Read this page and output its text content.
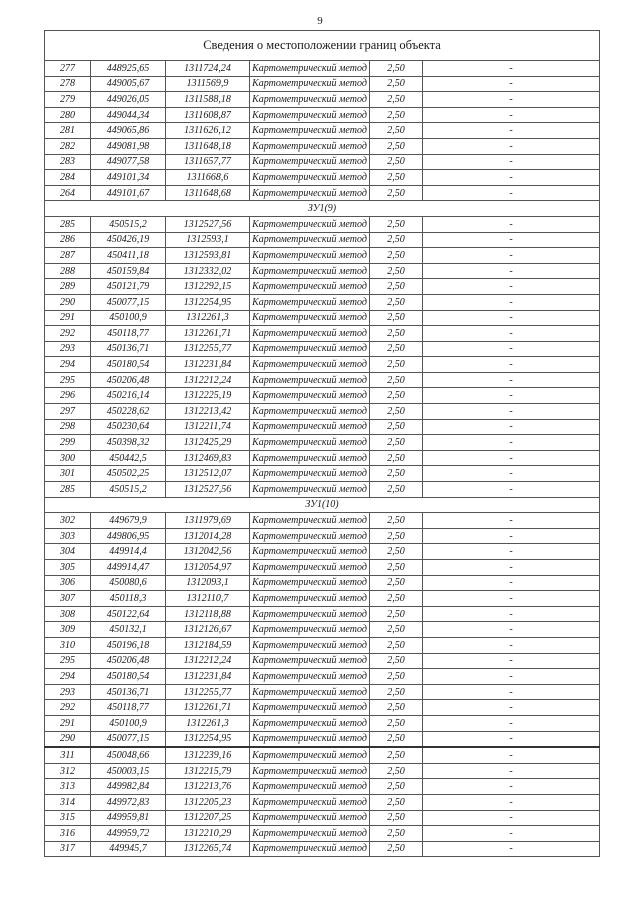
9
Сведения о местоположении границ объекта					
277	448925,65	1311724,24	Картометрический метод	2,50	-
278	449005,67	1311569,9	Картометрический метод	2,50	-
279	449026,05	1311588,18	Картометрический метод	2,50	-
280	449044,34	1311608,87	Картометрический метод	2,50	-
281	449065,86	1311626,12	Картометрический метод	2,50	-
282	449081,98	1311648,18	Картометрический метод	2,50	-
283	449077,58	1311657,77	Картометрический метод	2,50	-
284	449101,34	1311668,6	Картометрический метод	2,50	-
264	449101,67	1311648,68	Картометрический метод	2,50	-
ЗУ1(9)					
285	450515,2	1312527,56	Картометрический метод	2,50	-
286	450426,19	1312593,1	Картометрический метод	2,50	-
287	450411,18	1312593,81	Картометрический метод	2,50	-
288	450159,84	1312332,02	Картометрический метод	2,50	-
289	450121,79	1312292,15	Картометрический метод	2,50	-
290	450077,15	1312254,95	Картометрический метод	2,50	-
291	450100,9	1312261,3	Картометрический метод	2,50	-
292	450118,77	1312261,71	Картометрический метод	2,50	-
293	450136,71	1312255,77	Картометрический метод	2,50	-
294	450180,54	1312231,84	Картометрический метод	2,50	-
295	450206,48	1312212,24	Картометрический метод	2,50	-
296	450216,14	1312225,19	Картометрический метод	2,50	-
297	450228,62	1312213,42	Картометрический метод	2,50	-
298	450230,64	1312211,74	Картометрический метод	2,50	-
299	450398,32	1312425,29	Картометрический метод	2,50	-
300	450442,5	1312469,83	Картометрический метод	2,50	-
301	450502,25	1312512,07	Картометрический метод	2,50	-
285	450515,2	1312527,56	Картометрический метод	2,50	-
ЗУ1(10)					
302	449679,9	1311979,69	Картометрический метод	2,50	-
303	449806,95	1312014,28	Картометрический метод	2,50	-
304	449914,4	1312042,56	Картометрический метод	2,50	-
305	449914,47	1312054,97	Картометрический метод	2,50	-
306	450080,6	1312093,1	Картометрический метод	2,50	-
307	450118,3	1312110,7	Картометрический метод	2,50	-
308	450122,64	1312118,88	Картометрический метод	2,50	-
309	450132,1	1312126,67	Картометрический метод	2,50	-
310	450196,18	1312184,59	Картометрический метод	2,50	-
295	450206,48	1312212,24	Картометрический метод	2,50	-
294	450180,54	1312231,84	Картометрический метод	2,50	-
293	450136,71	1312255,77	Картометрический метод	2,50	-
292	450118,77	1312261,71	Картометрический метод	2,50	-
291	450100,9	1312261,3	Картометрический метод	2,50	-
290	450077,15	1312254,95	Картометрический метод	2,50	-
311	450048,66	1312239,16	Картометрический метод	2,50	-
312	450003,15	1312215,79	Картометрический метод	2,50	-
313	449982,84	1312213,76	Картометрический метод	2,50	-
314	449972,83	1312205,23	Картометрический метод	2,50	-
315	449959,81	1312207,25	Картометрический метод	2,50	-
316	449959,72	1312210,29	Картометрический метод	2,50	-
317	449945,7	1312265,74	Картометрический метод	2,50	-
